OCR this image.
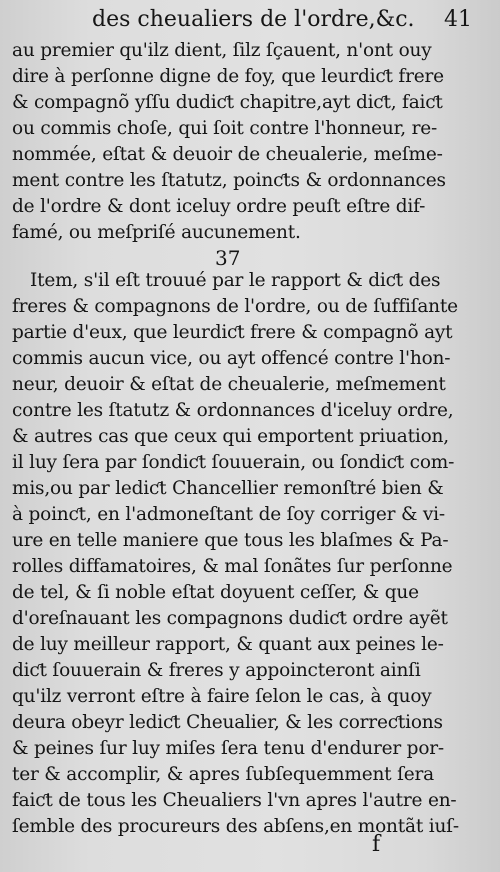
des cheualiers de l'ordre,&c. 41
au premier qu'ilz dient, ſilz ſçauent, n'ont ouy
dire à perſonne digne de foy, que leurdiƈt frere
& compagnõ yſſu dudiƈt chapitre,ayt diƈt, faiƈt
ou commis choſe, qui ſoit contre l'honneur, re-
nommée, eſtat & deuoir de cheualerie, meſme-
ment contre les ſtatutz, poinƈts & ordonnances
de l'ordre & dont iceluy ordre peuſt eſtre dif-
famé, ou meſpriſé aucunement.
37
Item, s'il eſt trouué par le rapport & diƈt des
freres & compagnons de l'ordre, ou de ſuffiſante
partie d'eux, que leurdiƈt frere & compagnõ ayt
commis aucun vice, ou ayt offencé contre l'hon-
neur, deuoir & eſtat de cheualerie, meſmement
contre les ſtatutz & ordonnances d'iceluy ordre,
& autres cas que ceux qui emportent priuation,
il luy ſera par ſondiƈt ſouuerain, ou ſondiƈt com-
mis,ou par lediƈt Chancellier remonſtré bien &
à poinƈt, en l'admoneſtant de ſoy corriger & vi-
ure en telle maniere que tous les blaſmes & Pa-
rolles diffamatoires, & mal ſonãtes ſur perſonne
de tel, & ſi noble eſtat doyuent ceſſer, & que
d'oreſnauant les compagnons dudiƈt ordre ayẽt
de luy meilleur rapport, & quant aux peines le-
diƈt ſouuerain & freres y appoincteront ainſi
qu'ilz verront eſtre à faire ſelon le cas, à quoy
deura obeyr lediƈt Cheualier, & les correƈtions
& peines ſur luy miſes ſera tenu d'endurer por-
ter & accomplir, & apres ſubſequemment ſera
faiƈt de tous les Cheualiers l'vn apres l'autre en-
ſemble des procureurs des abſens,en montãt iuſ-
f
